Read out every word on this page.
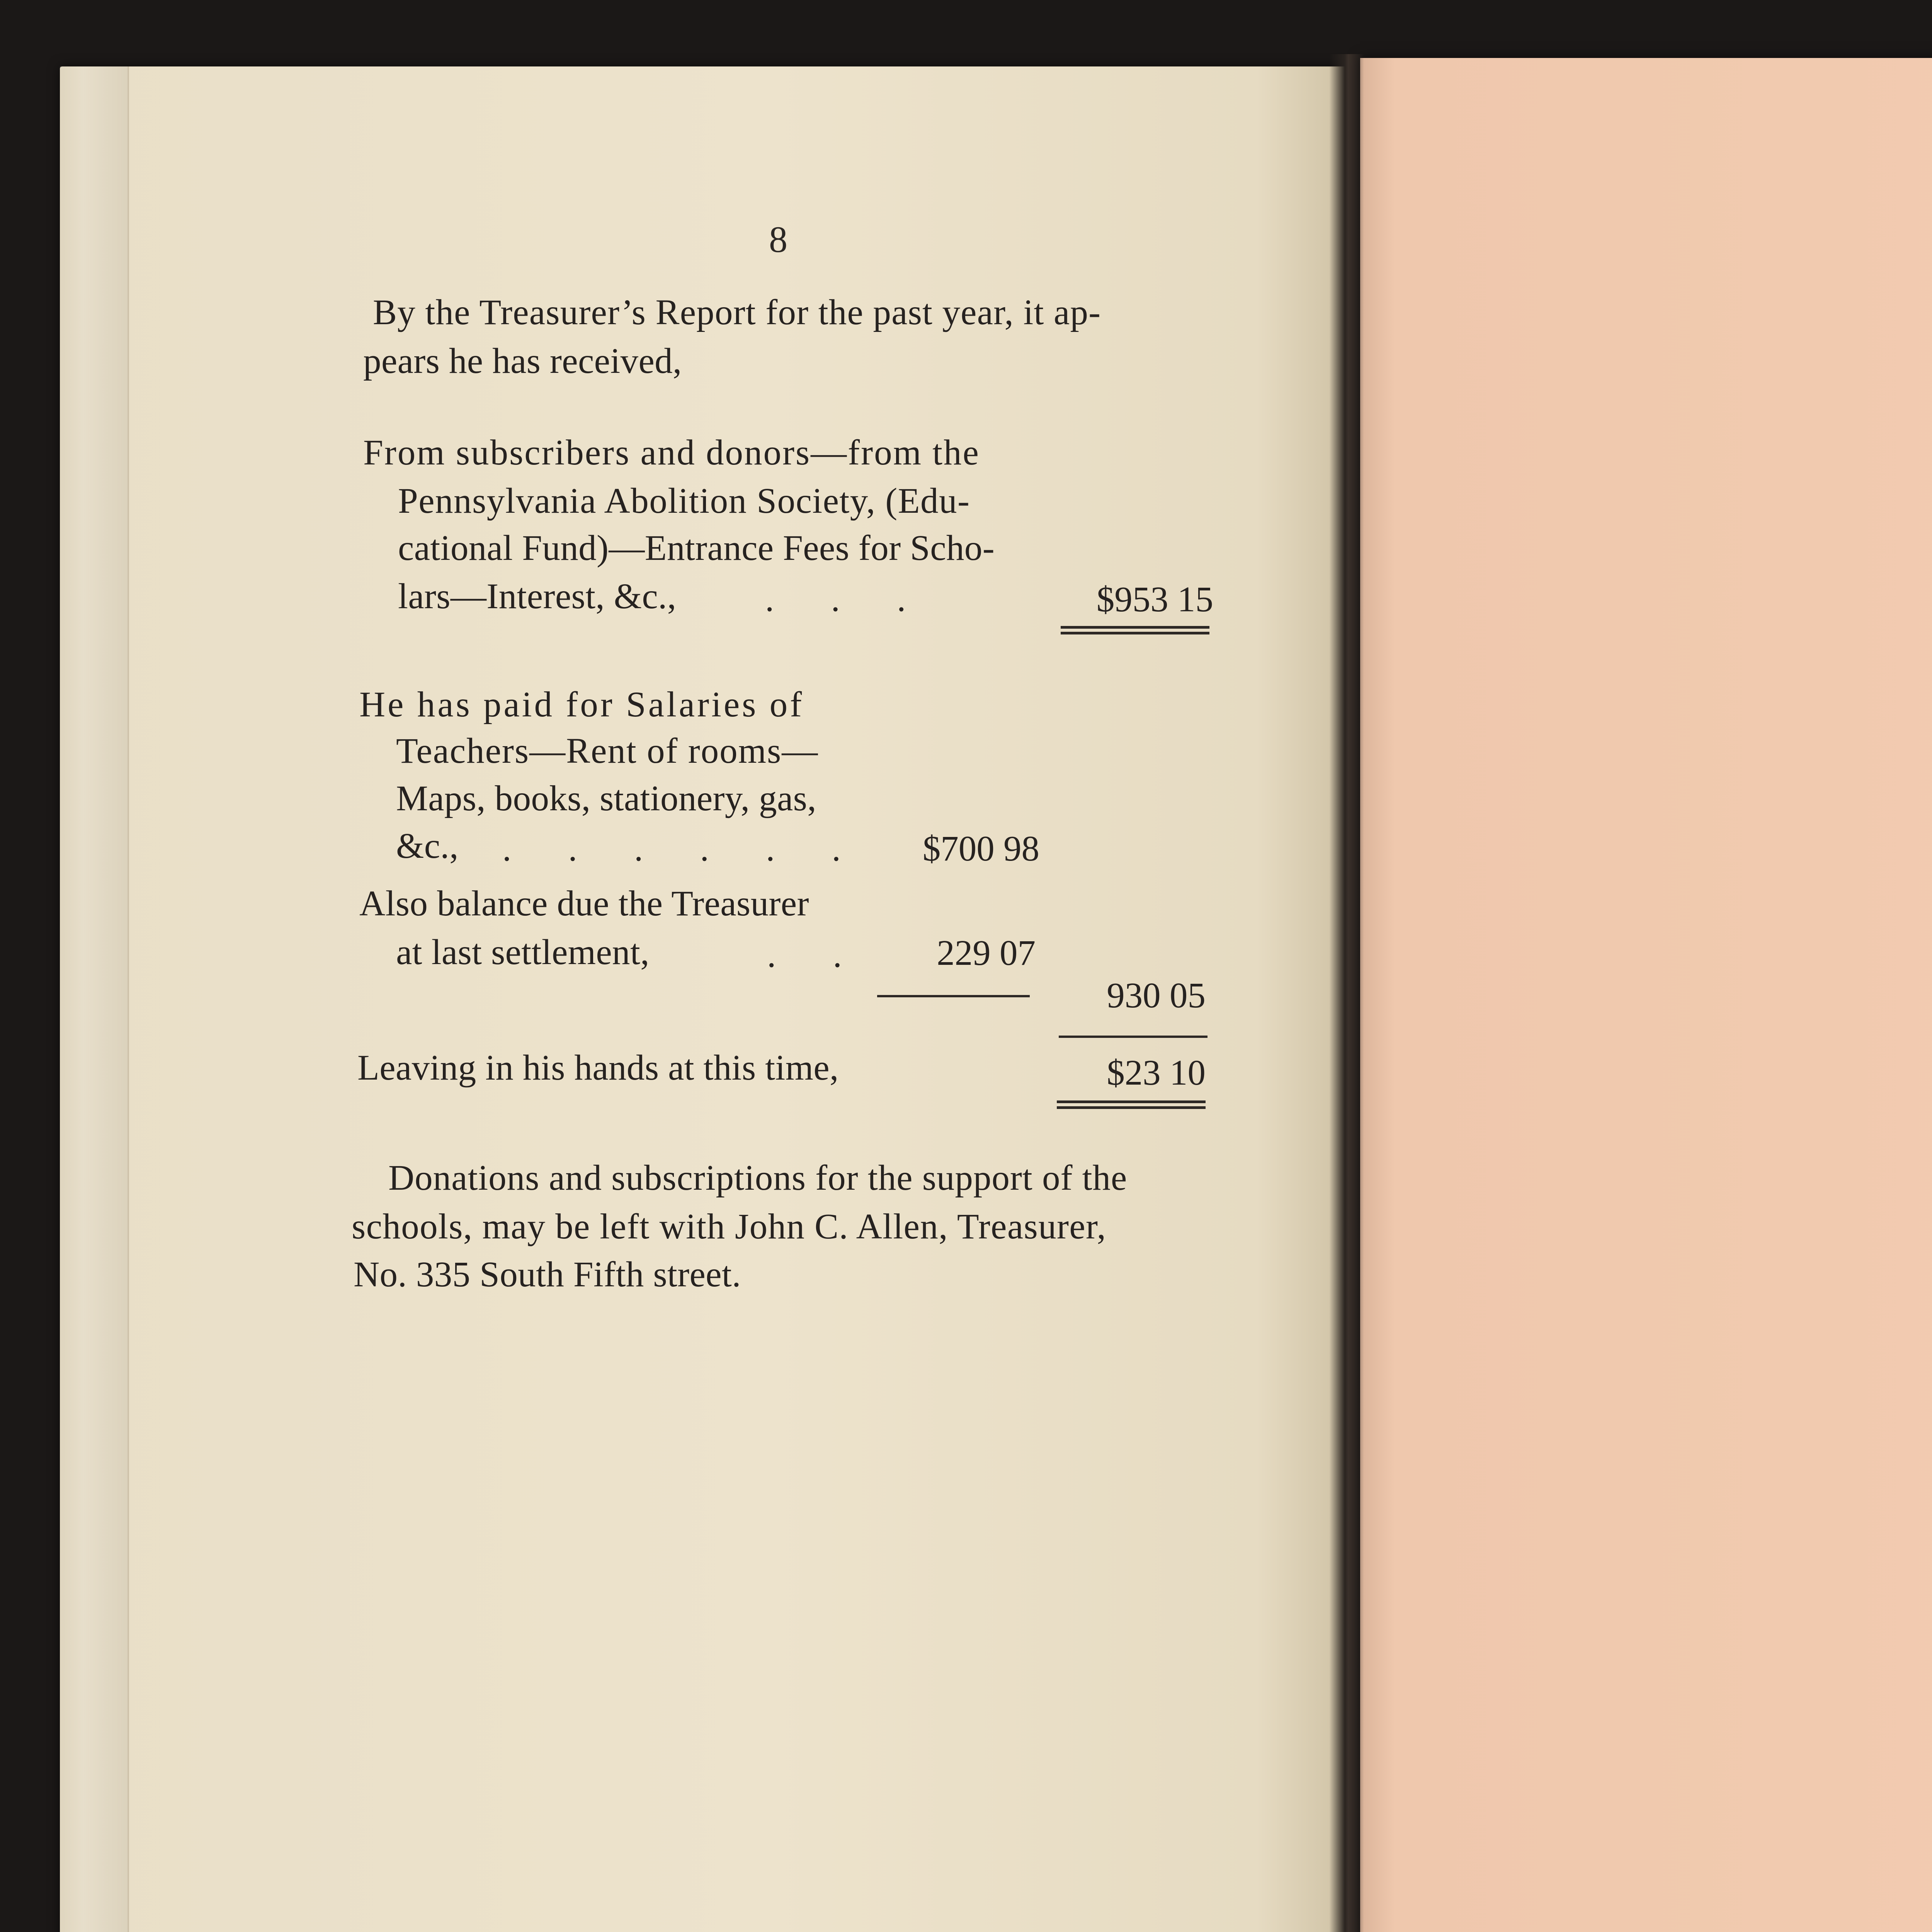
8
By the Treasurer’s Report for the past year, it ap-
pears he has received,
From subscribers and donors—from the
Pennsylvania Abolition Society, (Edu-
cational Fund)—Entrance Fees for Scho-
lars—Interest, &c., . . .	$953 15
He has paid for Salaries of
Teachers—Rent of rooms—
Maps, books, stationery, gas,
&c., . . . . . .	$700 98
Also balance due the Treasurer
at last settlement,	. .	229 07
930 05
Leaving in his hands at this time,	$23 10
Donations and subscriptions for the support of the
schools, may be left with John C. Allen, Treasurer,
No. 335 South Fifth street.
